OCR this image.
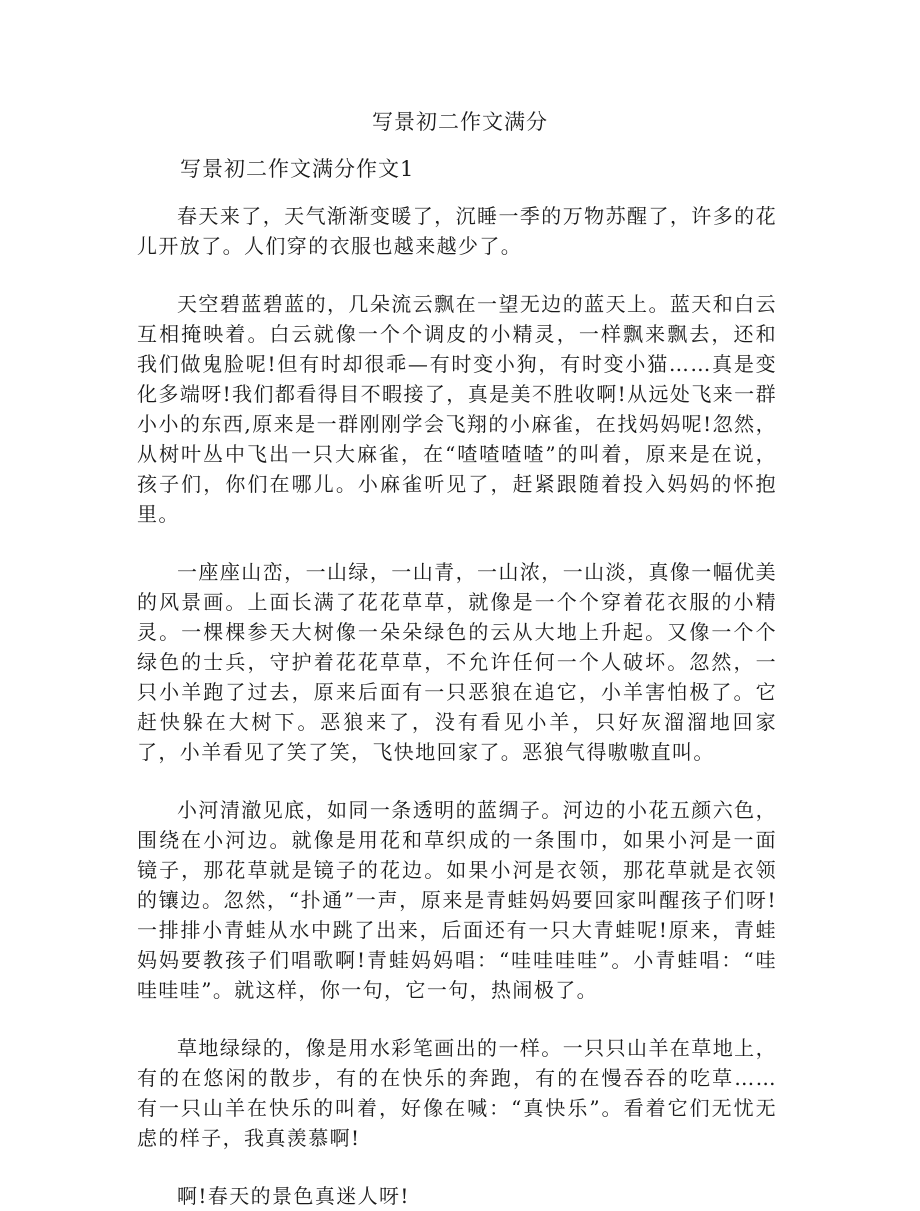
写景初二作文满分
写景初二作文满分作文1

春天来了，天气渐渐变暖了，沉睡一季的万物苏醒了，许多的花儿开放了。人们穿的衣服也越来越少了。

天空碧蓝碧蓝的，几朵流云飘在一望无边的蓝天上。蓝天和白云互相掩映着。白云就像一个个调皮的小精灵，一样飘来飘去，还和我们做鬼脸呢!但有时却很乖—有时变小狗，有时变小猫……真是变化多端呀!我们都看得目不暇接了，真是美不胜收啊!从远处飞来一群小小的东西,原来是一群刚刚学会飞翔的小麻雀，在找妈妈呢!忽然，从树叶丛中飞出一只大麻雀，在“喳喳喳喳”的叫着，原来是在说，孩子们，你们在哪儿。小麻雀听见了，赶紧跟随着投入妈妈的怀抱里。

一座座山峦，一山绿，一山青，一山浓，一山淡，真像一幅优美的风景画。上面长满了花花草草，就像是一个个穿着花衣服的小精灵。一棵棵参天大树像一朵朵绿色的云从大地上升起。又像一个个绿色的士兵，守护着花花草草，不允许任何一个人破坏。忽然，一只小羊跑了过去，原来后面有一只恶狼在追它，小羊害怕极了。它赶快躲在大树下。恶狼来了，没有看见小羊，只好灰溜溜地回家了，小羊看见了笑了笑，飞快地回家了。恶狼气得嗷嗷直叫。

小河清澈见底，如同一条透明的蓝绸子。河边的小花五颜六色，围绕在小河边。就像是用花和草织成的一条围巾，如果小河是一面镜子，那花草就是镜子的花边。如果小河是衣领，那花草就是衣领的镶边。忽然，“扑通”一声，原来是青蛙妈妈要回家叫醒孩子们呀!一排排小青蛙从水中跳了出来，后面还有一只大青蛙呢!原来，青蛙妈妈要教孩子们唱歌啊!青蛙妈妈唱：“哇哇哇哇”。小青蛙唱：“哇哇哇哇”。就这样，你一句，它一句，热闹极了。

草地绿绿的，像是用水彩笔画出的一样。一只只山羊在草地上，有的在悠闲的散步，有的在快乐的奔跑，有的在慢吞吞的吃草……有一只山羊在快乐的叫着，好像在喊：“真快乐”。看着它们无忧无虑的样子，我真羡慕啊!

啊!春天的景色真迷人呀!
